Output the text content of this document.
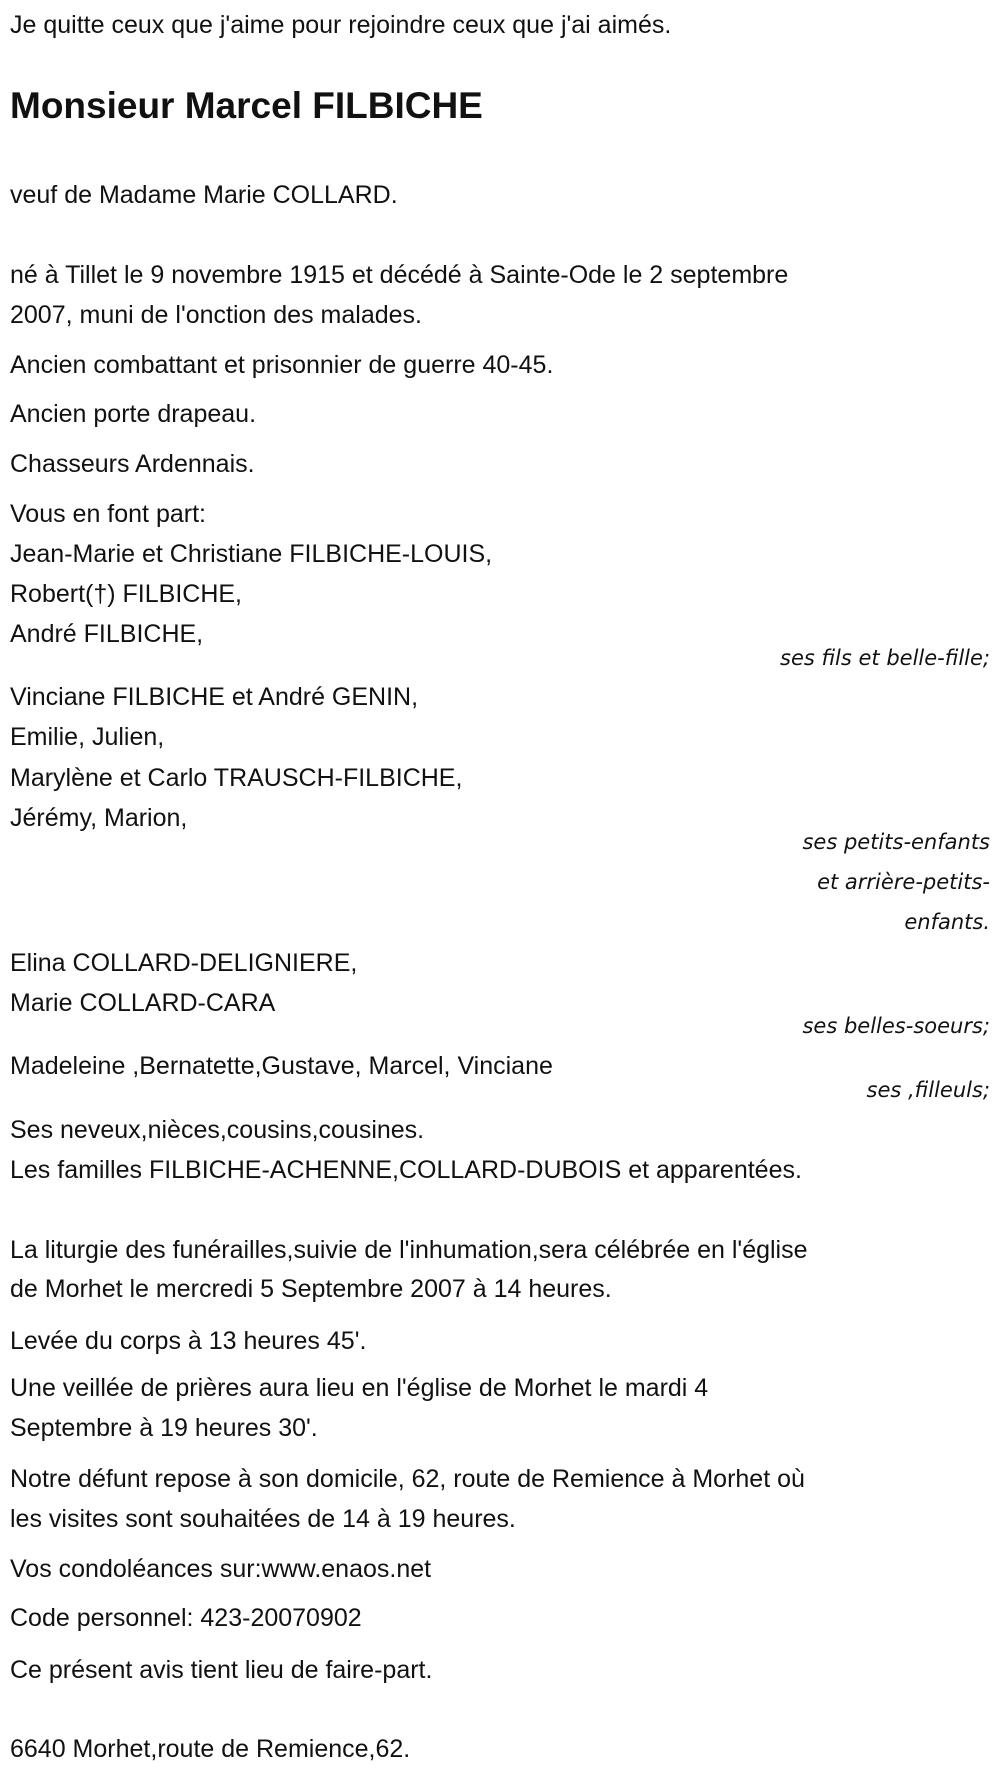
Je quitte ceux que j'aime pour rejoindre ceux que j'ai aimés.
Monsieur Marcel FILBICHE
veuf de Madame Marie COLLARD.
né à Tillet le 9 novembre 1915 et décédé à Sainte-Ode le 2 septembre
2007, muni de l'onction des malades.
Ancien combattant et prisonnier de guerre 40-45.
Ancien porte drapeau.
Chasseurs Ardennais.
Vous en font part:
Jean-Marie et Christiane FILBICHE-LOUIS,
Robert(†) FILBICHE,
André FILBICHE,
ses fils et belle-fille;
Vinciane FILBICHE et André GENIN,
Emilie, Julien,
Marylène et Carlo TRAUSCH-FILBICHE,
Jérémy, Marion,
ses petits-enfants
et arrière-petits-
enfants.
Elina COLLARD-DELIGNIERE,
Marie COLLARD-CARA
ses belles-soeurs;
Madeleine ,Bernatette,Gustave, Marcel, Vinciane
ses ,filleuls;
Ses neveux,nièces,cousins,cousines.
Les familles FILBICHE-ACHENNE,COLLARD-DUBOIS et apparentées.
La liturgie des funérailles,suivie de l'inhumation,sera célébrée en l'église
de Morhet le mercredi 5 Septembre 2007 à 14 heures.
Levée du corps à 13 heures 45'.
Une veillée de prières aura lieu en l'église de Morhet le mardi 4
Septembre à 19 heures 30'.
Notre défunt repose à son domicile, 62, route de Remience à Morhet où
les visites sont souhaitées de 14 à 19 heures.
Vos condoléances sur:www.enaos.net
Code personnel: 423-20070902
Ce présent avis tient lieu de faire-part.
6640 Morhet,route de Remience,62.
